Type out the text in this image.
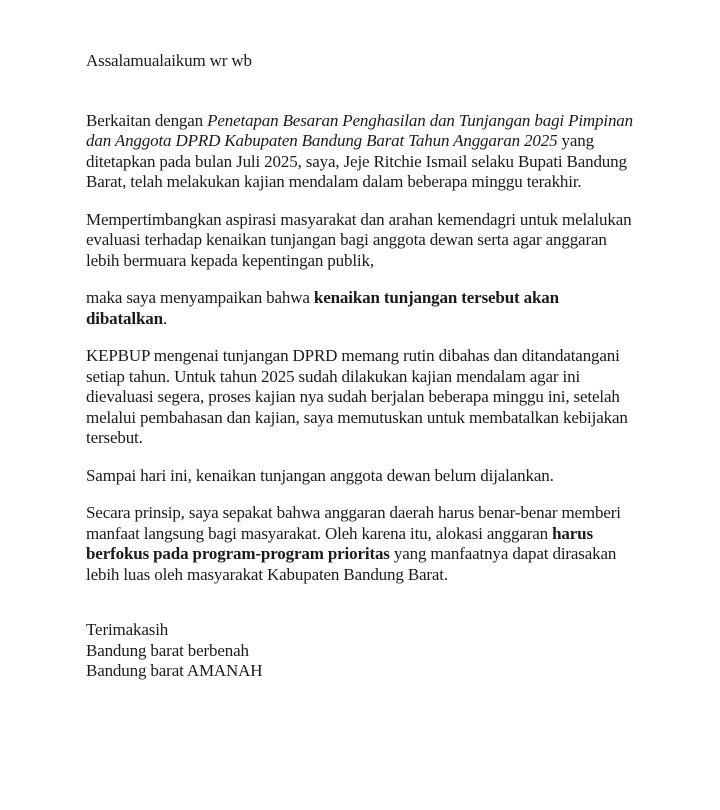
Assalamualaikum wr wb

Berkaitan dengan Penetapan Besaran Penghasilan dan Tunjangan bagi Pimpinan dan Anggota DPRD Kabupaten Bandung Barat Tahun Anggaran 2025 yang ditetapkan pada bulan Juli 2025, saya, Jeje Ritchie Ismail selaku Bupati Bandung Barat, telah melakukan kajian mendalam dalam beberapa minggu terakhir.

Mempertimbangkan aspirasi masyarakat dan arahan kemendagri untuk melalukan evaluasi terhadap kenaikan tunjangan bagi anggota dewan serta agar anggaran lebih bermuara kepada kepentingan publik,

maka saya menyampaikan bahwa kenaikan tunjangan tersebut akan dibatalkan.

KEPBUP mengenai tunjangan DPRD memang rutin dibahas dan ditandatangani setiap tahun. Untuk tahun 2025 sudah dilakukan kajian mendalam agar ini dievaluasi segera, proses kajian nya sudah berjalan beberapa minggu ini, setelah melalui pembahasan dan kajian, saya memutuskan untuk membatalkan kebijakan tersebut.

Sampai hari ini, kenaikan tunjangan anggota dewan belum dijalankan.

Secara prinsip, saya sepakat bahwa anggaran daerah harus benar-benar memberi manfaat langsung bagi masyarakat. Oleh karena itu, alokasi anggaran harus berfokus pada program-program prioritas yang manfaatnya dapat dirasakan lebih luas oleh masyarakat Kabupaten Bandung Barat.

Terimakasih

Bandung barat berbenah

Bandung barat AMANAH
